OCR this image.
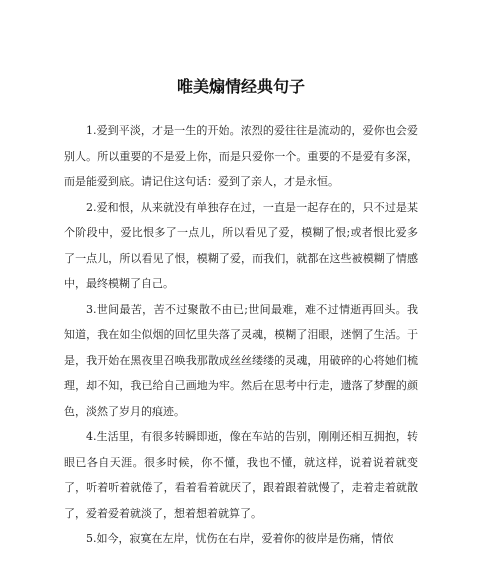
唯美煽情经典句子

1.爱到平淡，才是一生的开始。浓烈的爱往往是流动的，爱你也会爱别人。所以重要的不是爱上你，而是只爱你一个。重要的不是爱有多深，而是能爱到底。请记住这句话：爱到了亲人，才是永恒。

2.爱和恨，从来就没有单独存在过，一直是一起存在的，只不过是某个阶段中，爱比恨多了一点儿，所以看见了爱，模糊了恨;或者恨比爱多了一点儿，所以看见了恨，模糊了爱，而我们，就都在这些被模糊了情感中，最终模糊了自己。

3.世间最苦，苦不过聚散不由已;世间最难，难不过情逝再回头。我知道，我在如尘似烟的回忆里失落了灵魂，模糊了泪眼，迷惘了生活。于是，我开始在黑夜里召唤我那散成丝丝缕缕的灵魂，用破碎的心将她们梳理，却不知，我已给自己画地为牢。然后在思考中行走，遗落了梦醒的颜色，淡然了岁月的痕迹。

4.生活里，有很多转瞬即逝，像在车站的告别，刚刚还相互拥抱，转眼已各自天涯。很多时候，你不懂，我也不懂，就这样，说着说着就变了，听着听着就倦了，看着看着就厌了，跟着跟着就慢了，走着走着就散了，爱着爱着就淡了，想着想着就算了。

5.如今，寂寞在左岸，忧伤在右岸，爱着你的彼岸是伤痛，情依
